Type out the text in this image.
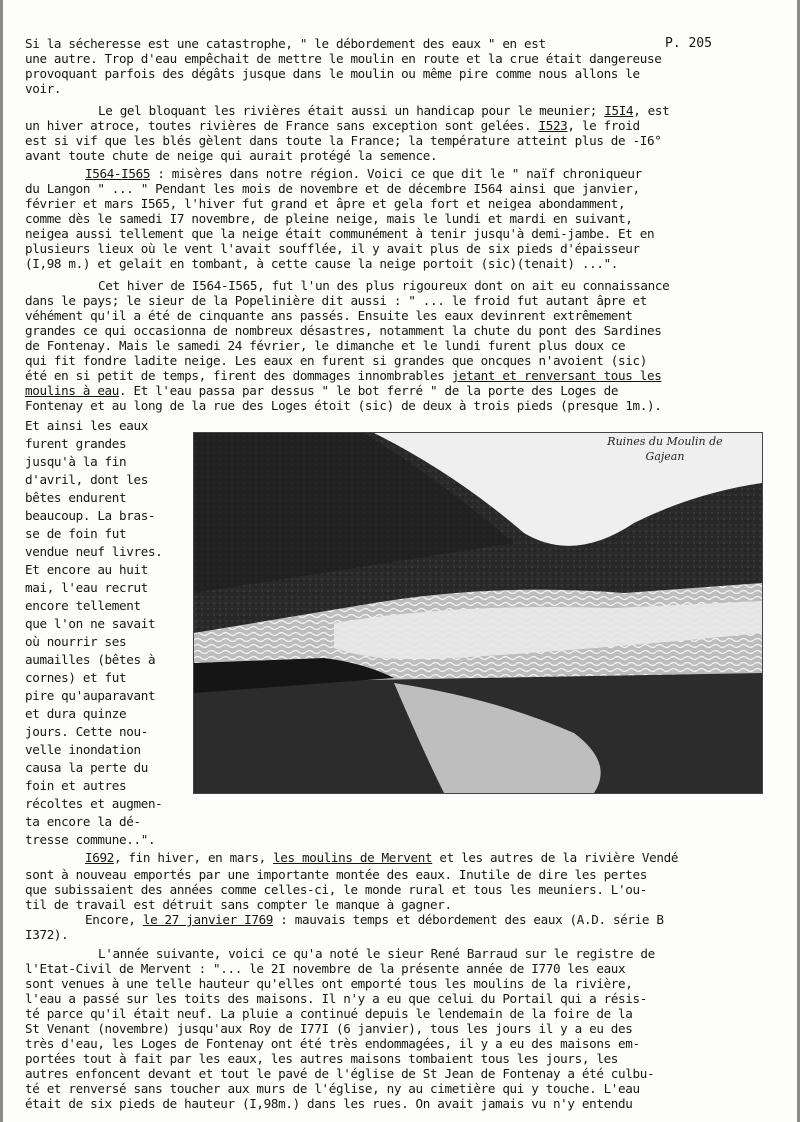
P. 205
Si la sécheresse est une catastrophe, " le débordement des eaux " en est
une autre. Trop d'eau empêchait de mettre le moulin en route et la crue était dangereuse
provoquant parfois des dégâts jusque dans le moulin ou même pire comme nous allons le
voir.
Le gel bloquant les rivières était aussi un handicap pour le meunier; I5I4, est
un hiver atroce, toutes rivières de France sans exception sont gelées. I523, le froid
est si vif que les blés gèlent dans toute la France; la température atteint plus de -I6°
avant toute chute de neige qui aurait protégé la semence.
I564-I565 : misères dans notre région. Voici ce que dit le " naïf chroniqueur
du Langon " ... " Pendant les mois de novembre et de décembre I564 ainsi que janvier,
février et mars I565, l'hiver fut grand et âpre et gela fort et neigea abondamment,
comme dès le samedi I7 novembre, de pleine neige, mais le lundi et mardi en suivant,
neigea aussi tellement que la neige était communément à tenir jusqu'à demi-jambe. Et en
plusieurs lieux où le vent l'avait soufflée, il y avait plus de six pieds d'épaisseur
(I,98 m.) et gelait en tombant, à cette cause la neige portoit (sic)(tenait) ...".
Cet hiver de I564-I565, fut l'un des plus rigoureux dont on ait eu connaissance
dans le pays; le sieur de la Popelinière dit aussi : " ... le froid fut autant âpre et
véhément qu'il a été de cinquante ans passés. Ensuite les eaux devinrent extrêmement
grandes ce qui occasionna de nombreux désastres, notamment la chute du pont des Sardines
de Fontenay. Mais le samedi 24 février, le dimanche et le lundi furent plus doux ce
qui fit fondre ladite neige. Les eaux en furent si grandes que oncques n'avoient (sic)
été en si petit de temps, firent des dommages innombrables jetant et renversant tous les
moulins à eau. Et l'eau passa par dessus " le bot ferré " de la porte des Loges de
Fontenay et au long de la rue des Loges étoit (sic) de deux à trois pieds (presque 1m.).
Et ainsi les eaux
furent grandes
jusqu'à la fin
d'avril, dont les
bêtes endurent
beaucoup. La bras-
se de foin fut
vendue neuf livres.
Et encore au huit
mai, l'eau recrut
encore tellement
que l'on ne savait
où nourrir ses
aumailles (bêtes à
cornes) et fut
pire qu'auparavant
et dura quinze
jours. Cette nou-
velle inondation
causa la perte du
foin et autres
récoltes et augmen-
ta encore la dé-
tresse commune..".
I692, fin hiver, en mars, les moulins de Mervent et les autres de la rivière Vendé
sont à nouveau emportés par une importante montée des eaux. Inutile de dire les pertes
que subissaient des années comme celles-ci, le monde rural et tous les meuniers. L'ou-
til de travail est détruit sans compter le manque à gagner.
Encore, le 27 janvier I769 : mauvais temps et débordement des eaux (A.D. série B
I372).
L'année suivante, voici ce qu'a noté le sieur René Barraud sur le registre de
l'Etat-Civil de Mervent : "... le 2I novembre de la présente année de I770 les eaux
sont venues à une telle hauteur qu'elles ont emporté tous les moulins de la rivière,
l'eau a passé sur les toits des maisons. Il n'y a eu que celui du Portail qui a résis-
té parce qu'il était neuf. La pluie a continué depuis le lendemain de la foire de la
St Venant (novembre) jusqu'aux Roy de I77I (6 janvier), tous les jours il y a eu des
très d'eau, les Loges de Fontenay ont été très endommagées, il y a eu des maisons em-
portées tout à fait par les eaux, les autres maisons tombaient tous les jours, les
autres enfoncent devant et tout le pavé de l'église de St Jean de Fontenay a été culbu-
té et renversé sans toucher aux murs de l'église, ny au cimetière qui y touche. L'eau
était de six pieds de hauteur (I,98m.) dans les rues. On avait jamais vu n'y entendu
Ruines du Moulin de
Gajean
